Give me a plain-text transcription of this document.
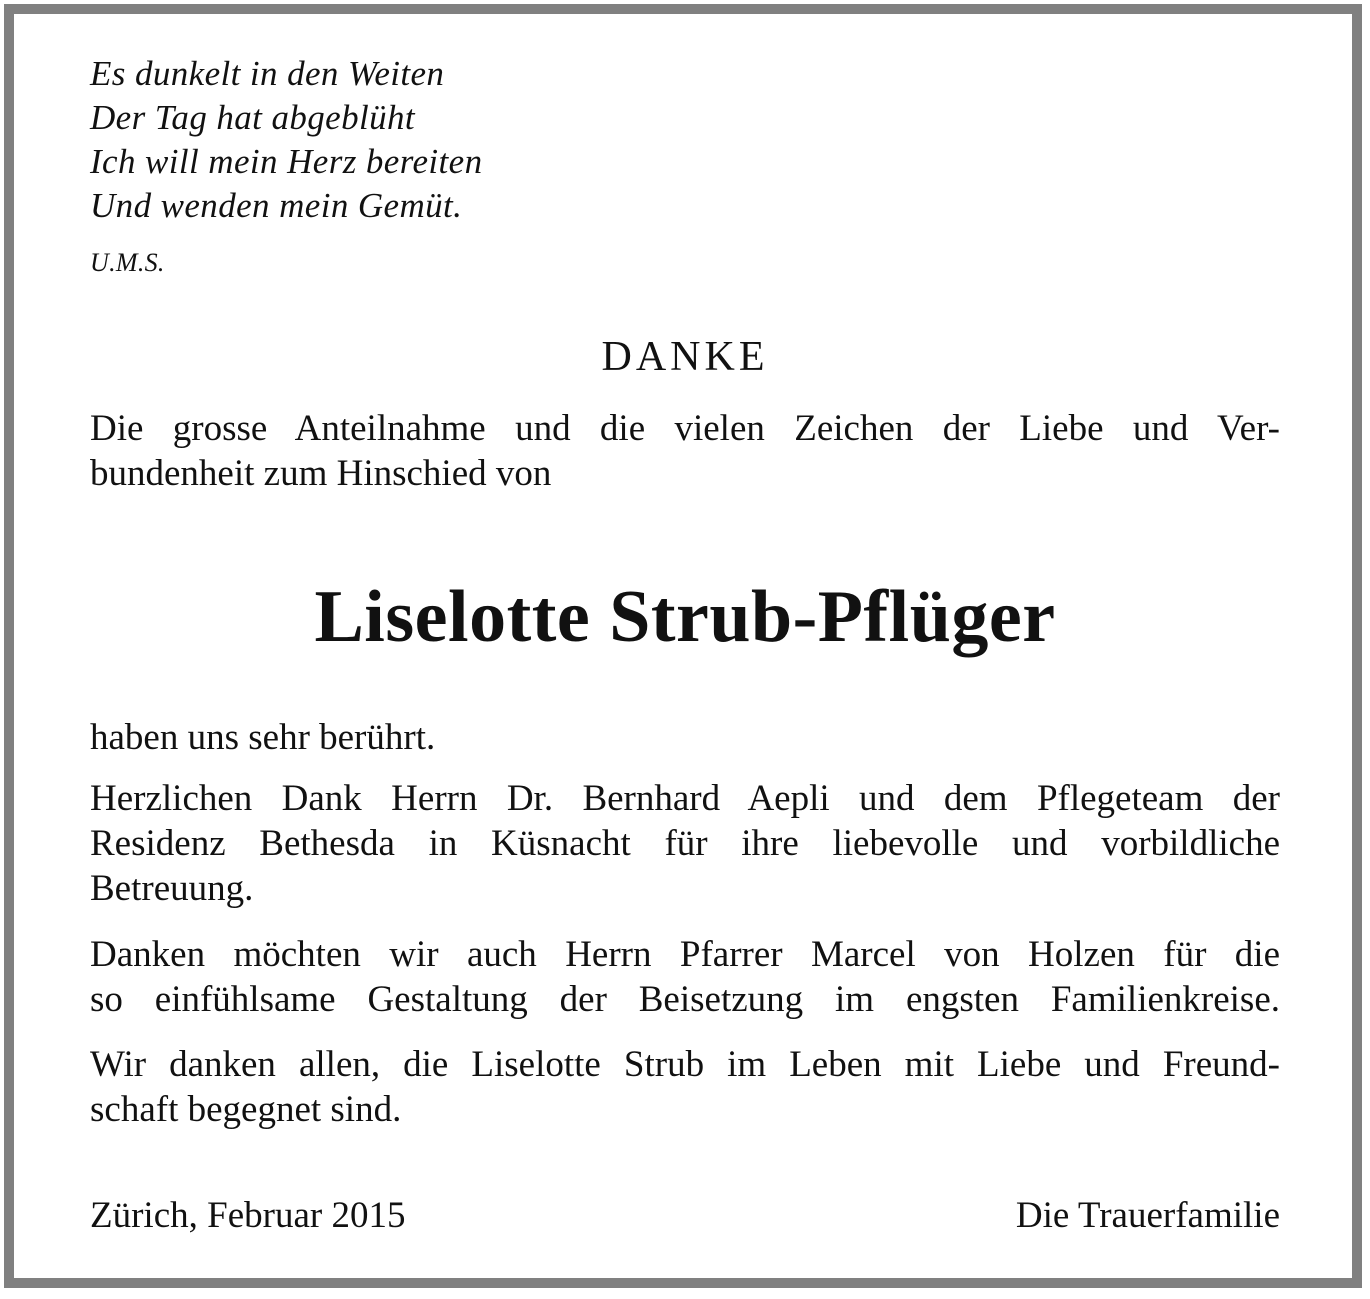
Es dunkelt in den Weiten
Der Tag hat abgeblüht
Ich will mein Herz bereiten
Und wenden mein Gemüt.
U.M.S.
DANKE
Die grosse Anteilnahme und die vielen Zeichen der Liebe und Ver-
bundenheit zum Hinschied von
Liselotte Strub-Pflüger
haben uns sehr berührt.
Herzlichen Dank Herrn Dr. Bernhard Aepli und dem Pflegeteam der
Residenz Bethesda in Küsnacht für ihre liebevolle und vorbildliche
Betreuung.
Danken möchten wir auch Herrn Pfarrer Marcel von Holzen für die
so einfühlsame Gestaltung der Beisetzung im engsten Familienkreise.
Wir danken allen, die Liselotte Strub im Leben mit Liebe und Freund-
schaft begegnet sind.
Zürich, Februar 2015	Die Trauerfamilie
